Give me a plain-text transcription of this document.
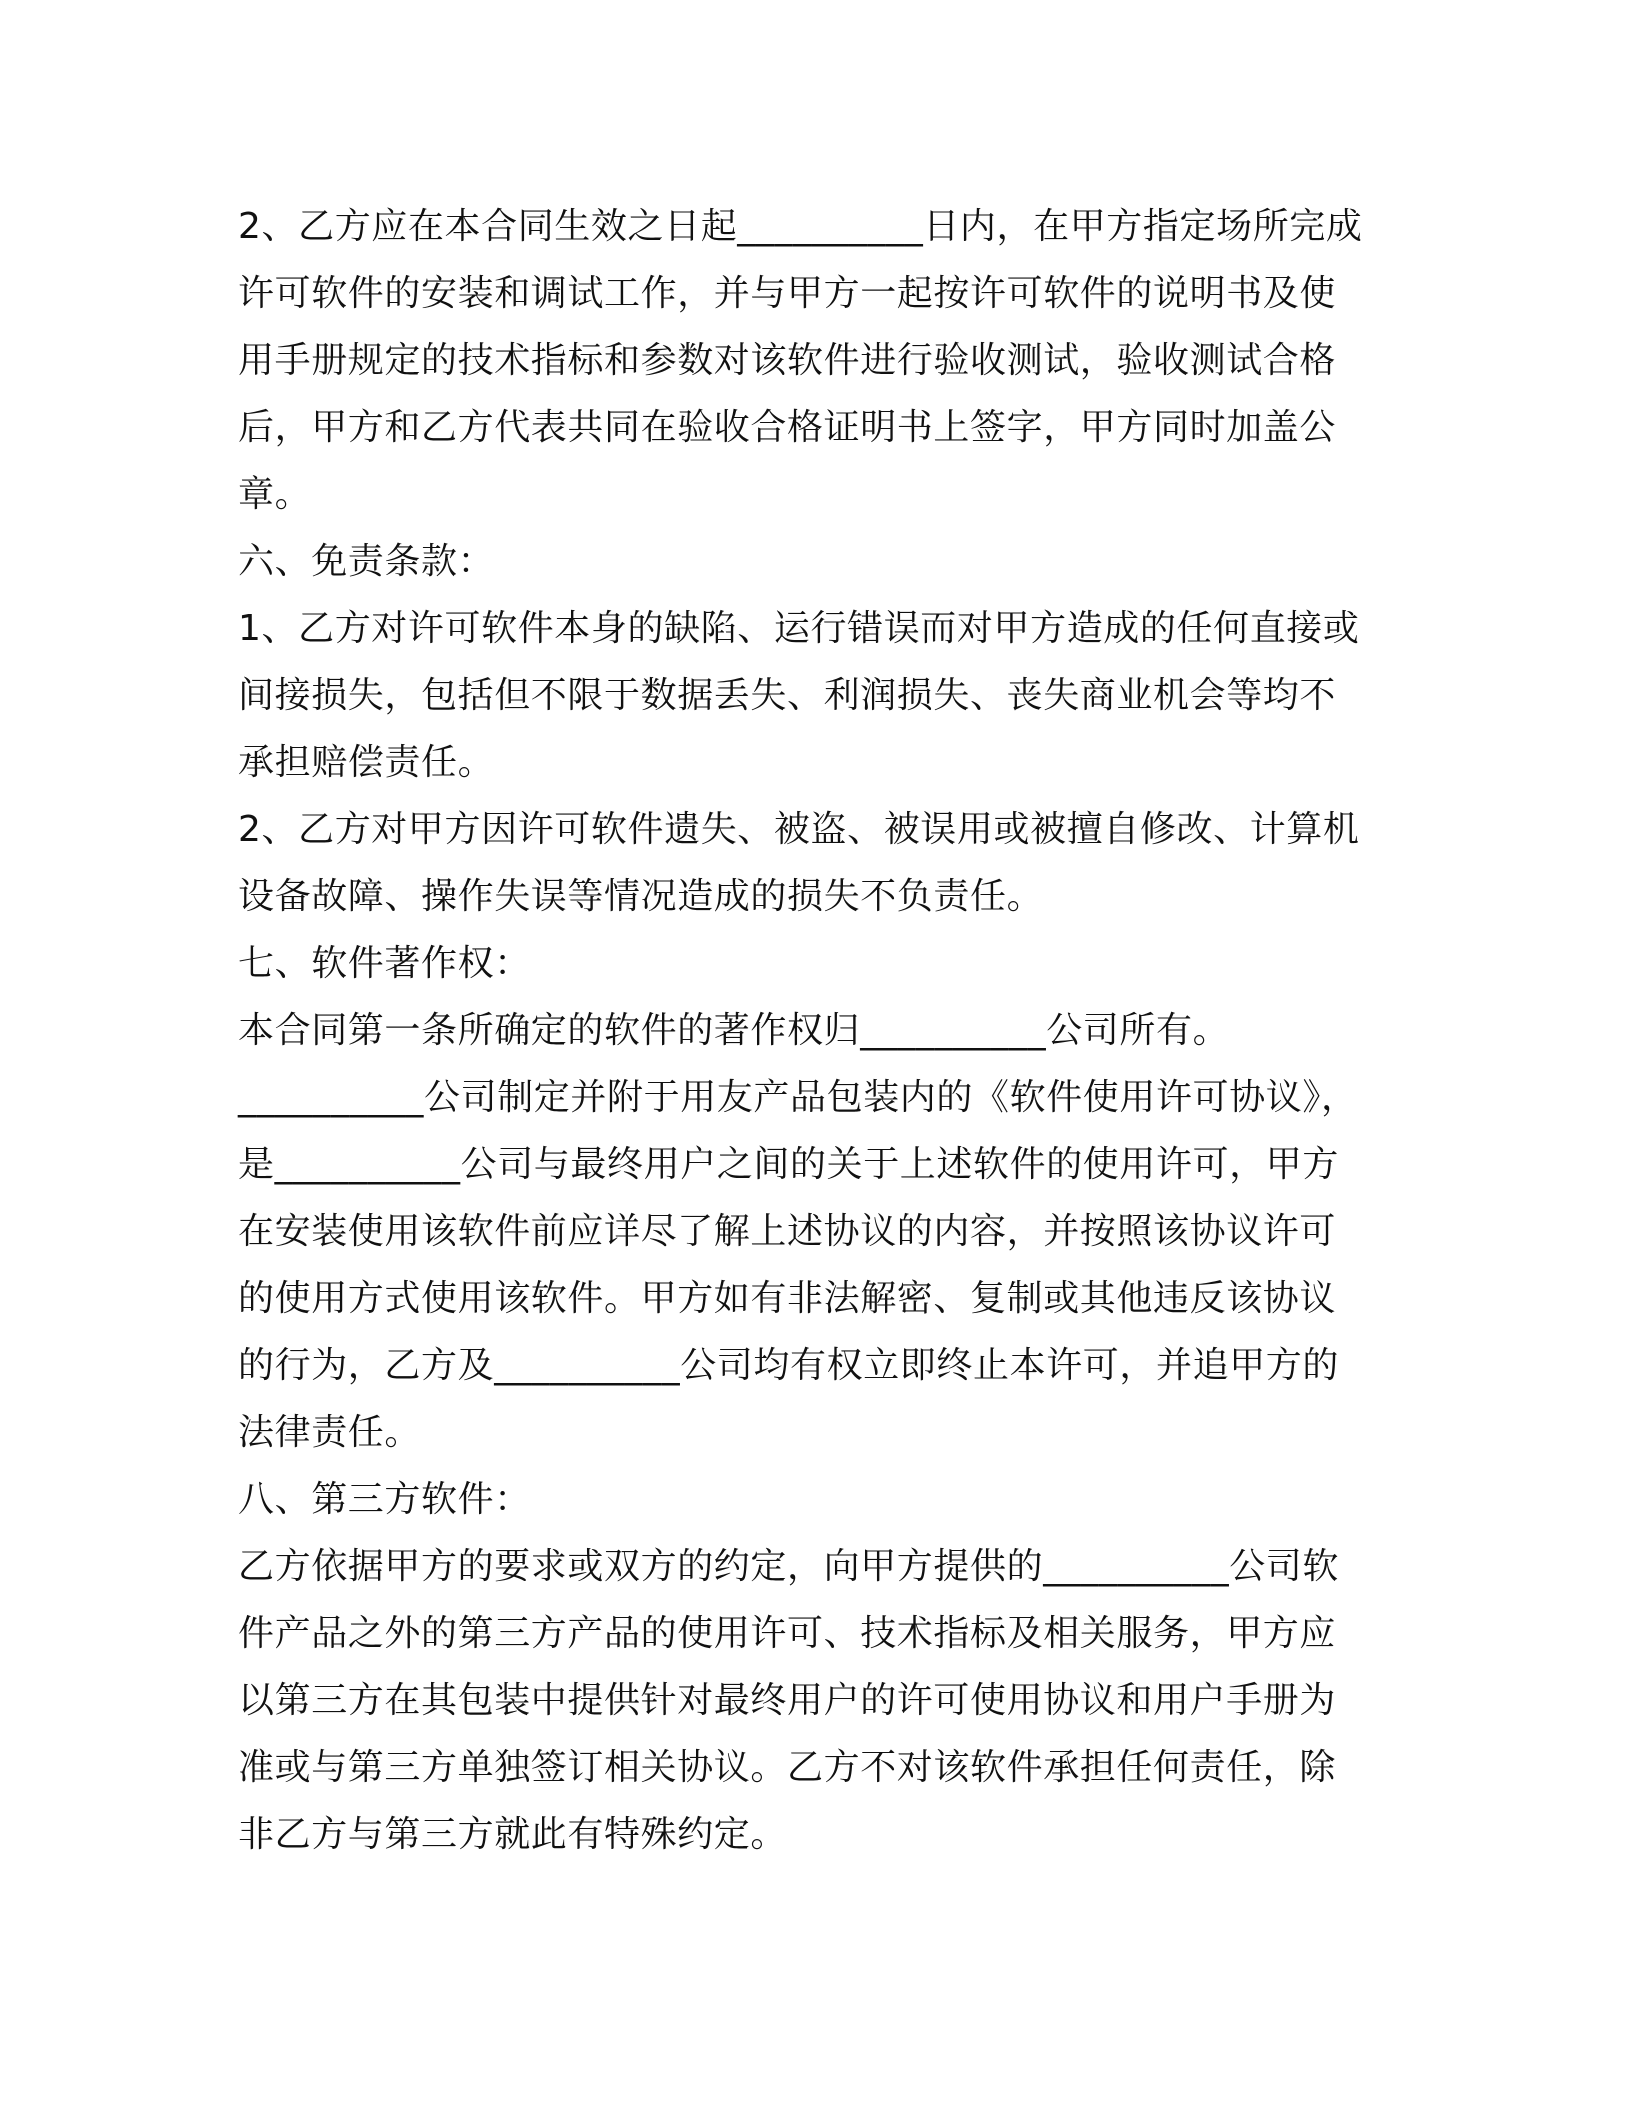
2、乙方应在本合同生效之日起__________日内，在甲方指定场所完成
许可软件的安装和调试工作，并与甲方一起按许可软件的说明书及使
用手册规定的技术指标和参数对该软件进行验收测试，验收测试合格
后，甲方和乙方代表共同在验收合格证明书上签字，甲方同时加盖公
章。
六、免责条款：
1、乙方对许可软件本身的缺陷、运行错误而对甲方造成的任何直接或
间接损失，包括但不限于数据丢失、利润损失、丧失商业机会等均不
承担赔偿责任。
2、乙方对甲方因许可软件遗失、被盗、被误用或被擅自修改、计算机
设备故障、操作失误等情况造成的损失不负责任。
七、软件著作权：
本合同第一条所确定的软件的著作权归__________公司所有。
__________公司制定并附于用友产品包装内的《软件使用许可协议》，
是__________公司与最终用户之间的关于上述软件的使用许可，甲方
在安装使用该软件前应详尽了解上述协议的内容，并按照该协议许可
的使用方式使用该软件。甲方如有非法解密、复制或其他违反该协议
的行为，乙方及__________公司均有权立即终止本许可，并追甲方的
法律责任。
八、第三方软件：
乙方依据甲方的要求或双方的约定，向甲方提供的__________公司软
件产品之外的第三方产品的使用许可、技术指标及相关服务，甲方应
以第三方在其包装中提供针对最终用户的许可使用协议和用户手册为
准或与第三方单独签订相关协议。乙方不对该软件承担任何责任，除
非乙方与第三方就此有特殊约定。
